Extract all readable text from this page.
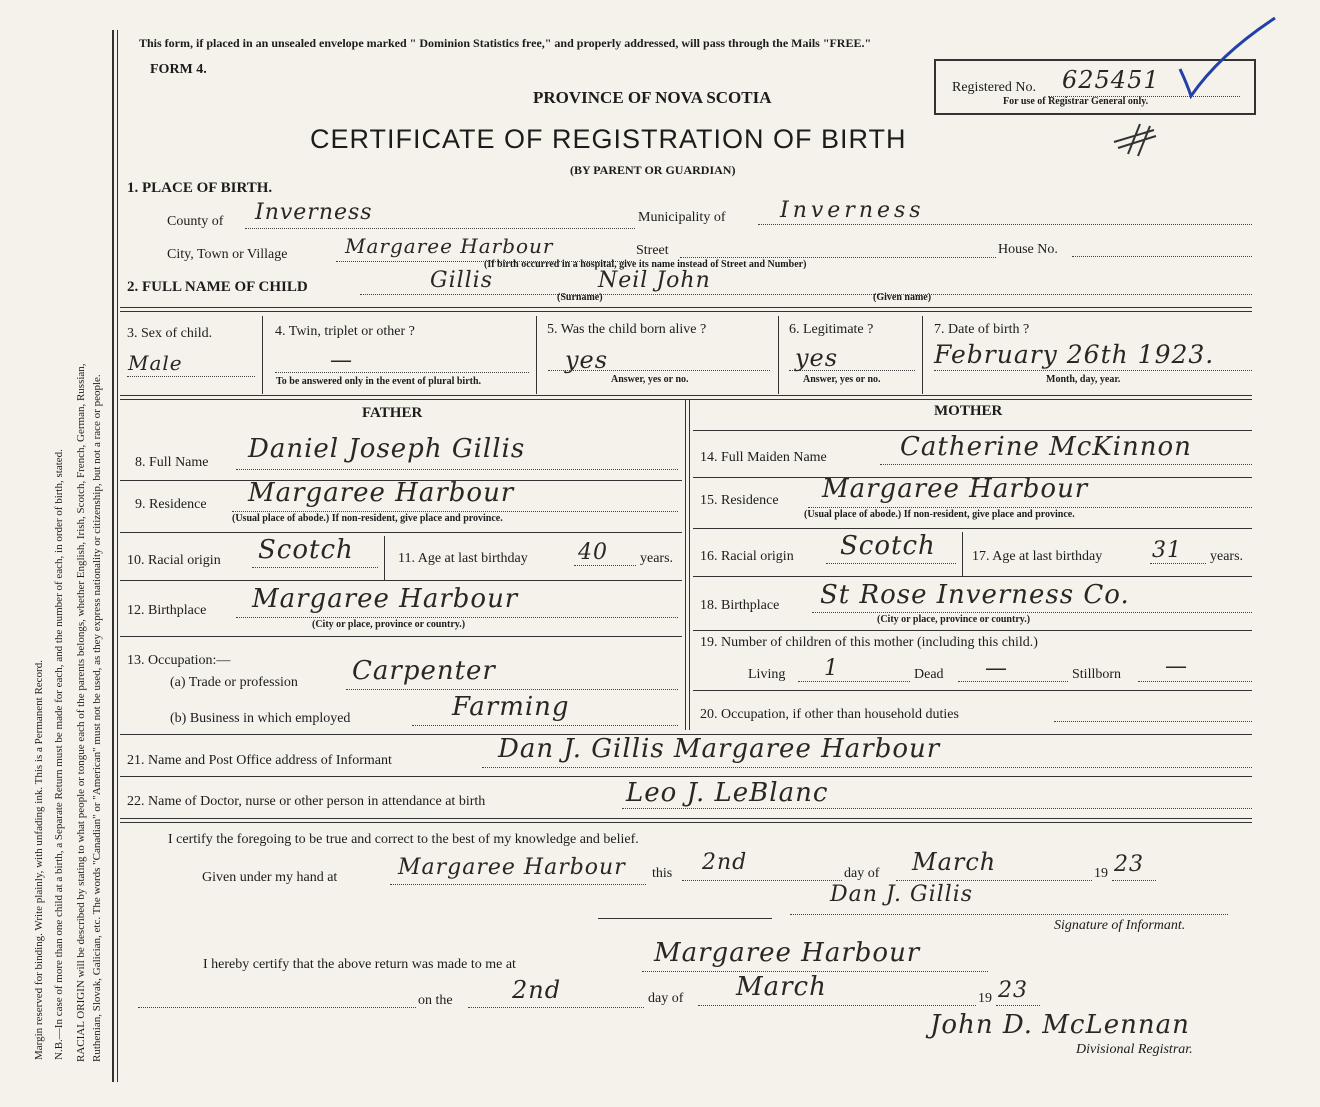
Margin reserved for binding. Write plainly, with unfading ink. This is a Permanent Record. N.B.—In case of more than one child at a birth, a Separate Return must be made for each, and the number of each, in order of birth, stated. RACIAL ORIGIN will be described by stating to what people or tongue each of the parents belongs, whether English, Irish, Scotch, French, German, Russian, Ruthenian, Slovak, Galician, etc. The words "Canadian" or "American" must not be used, as they express nationality or citizenship, but not a race or people.
This form, if placed in an unsealed envelope marked " Dominion Statistics free," and properly addressed, will pass through the Mails "FREE."
FORM 4.
PROVINCE OF NOVA SCOTIA
Registered No. 625451
For use of Registrar General only.
CERTIFICATE OF REGISTRATION OF BIRTH
(BY PARENT OR GUARDIAN)
1. PLACE OF BIRTH.
County of Inverness	Municipality of Inverness
City, Town or Village	Margaree Harbour	Street	House No.
(If birth occurred in a hospital, give its name instead of Street and Number)
2. FULL NAME OF CHILD	Gillis	Neil John
(Surname)	(Given name)
3. Sex of child.
Male
4. Twin, triplet or other ?
—
To be answered only in the event of plural birth.
5. Was the child born alive ?
yes
Answer, yes or no.
6. Legitimate ?
yes
Answer, yes or no.
7. Date of birth ?
February 26th 1923.
Month, day, year.
FATHER
8. Full Name Daniel Joseph Gillis
9. Residence Margaree Harbour
(Usual place of abode.) If non-resident, give place and province.
10. Racial origin Scotch	11. Age at last birthday 40 years.
12. Birthplace Margaree Harbour
(City or place, province or country.)
13. Occupation:—
(a) Trade or profession Carpenter
(b) Business in which employed	Farming
MOTHER
14. Full Maiden Name	Catherine McKinnon
15. Residence Margaree Harbour
(Usual place of abode.) If non-resident, give place and province.
16. Racial origin Scotch	17. Age at last birthday 31 years.
18. Birthplace St Rose Inverness Co.
(City or place, province or country.)
19. Number of children of this mother (including this child.)
Living 1	Dead —	Stillborn —
20. Occupation, if other than household duties
21. Name and Post Office address of Informant	Dan J. Gillis Margaree Harbour
22. Name of Doctor, nurse or other person in attendance at birth	Leo J. LeBlanc
I certify the foregoing to be true and correct to the best of my knowledge and belief.
Given under my hand at	Margaree Harbour this 2nd	day of March	19 23
Dan J. Gillis
Signature of Informant.
I hereby certify that the above return was made to me at	Margaree Harbour
on the 2nd	day of March	19 23
John D. McLennan
Divisional Registrar.
